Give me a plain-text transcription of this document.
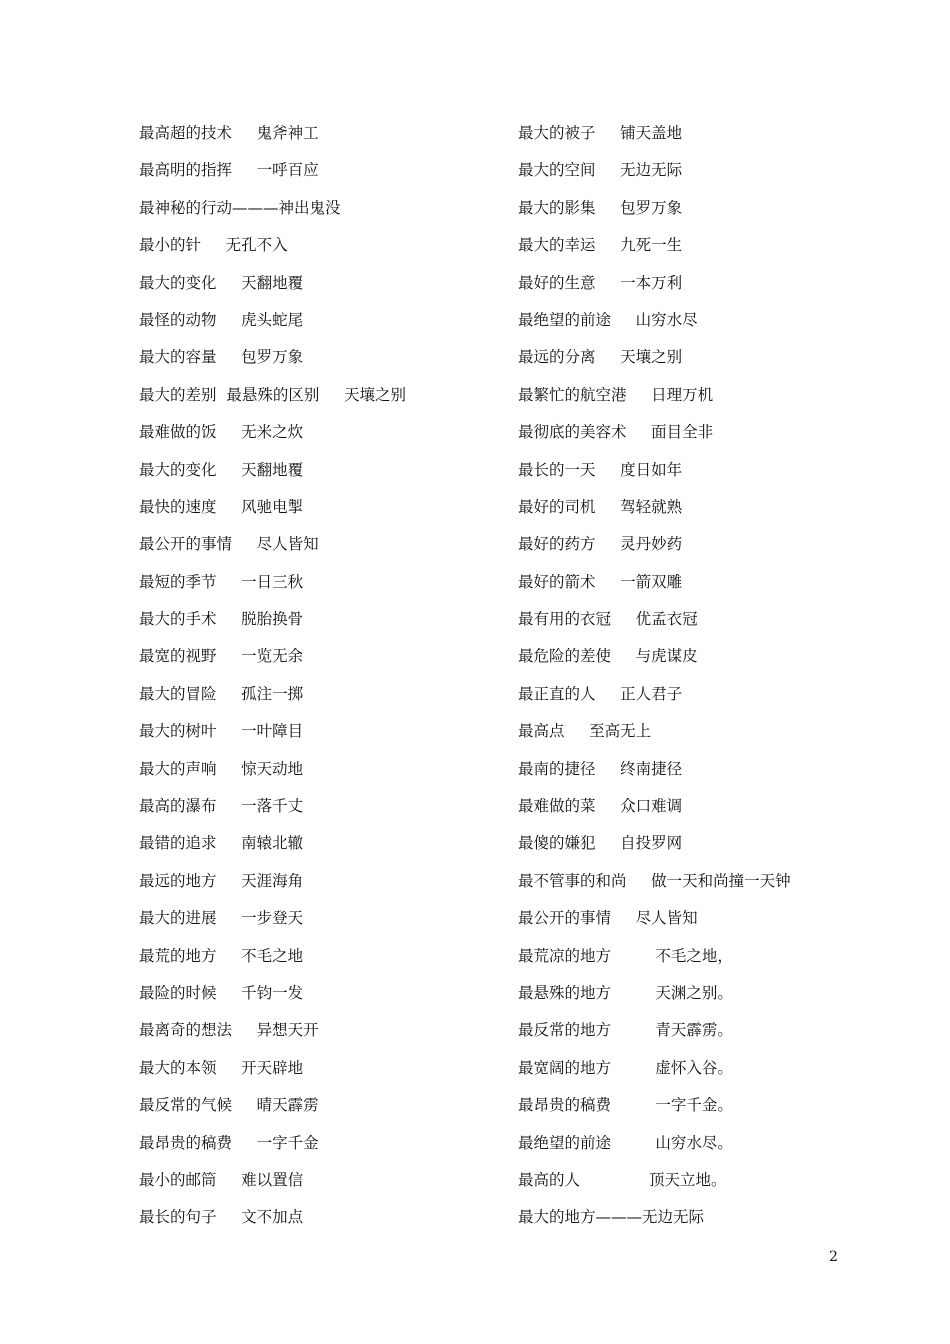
最高超的技术     鬼斧神工

最高明的指挥     一呼百应

最神秘的行动———神出鬼没

最小的针     无孔不入

最大的变化     天翻地覆

最怪的动物     虎头蛇尾

最大的容量     包罗万象

最大的差别  最悬殊的区别     天壤之别

最难做的饭     无米之炊

最大的变化     天翻地覆

最快的速度     风驰电掣

最公开的事情     尽人皆知

最短的季节     一日三秋

最大的手术     脱胎换骨

最宽的视野     一览无余

最大的冒险     孤注一掷

最大的树叶     一叶障目

最大的声响     惊天动地

最高的瀑布     一落千丈

最错的追求     南辕北辙

最远的地方     天涯海角

最大的进展     一步登天

最荒的地方     不毛之地

最险的时候     千钧一发

最离奇的想法     异想天开

最大的本领     开天辟地

最反常的气候     晴天霹雳

最昂贵的稿费     一字千金

最小的邮筒     难以置信

最长的句子     文不加点

最大的被子     铺天盖地

最大的空间     无边无际

最大的影集     包罗万象

最大的幸运     九死一生

最好的生意     一本万利

最绝望的前途     山穷水尽

最远的分离     天壤之别

最繁忙的航空港     日理万机

最彻底的美容术     面目全非

最长的一天     度日如年

最好的司机     驾轻就熟

最好的药方     灵丹妙药

最好的箭术     一箭双雕

最有用的衣冠     优孟衣冠

最危险的差使     与虎谋皮

最正直的人     正人君子

最高点     至高无上

最南的捷径     终南捷径

最难做的菜     众口难调

最傻的嫌犯     自投罗网

最不管事的和尚     做一天和尚撞一天钟

最公开的事情     尽人皆知

最荒凉的地方         不毛之地，

最悬殊的地方         天渊之别。

最反常的地方         青天霹雳。

最宽阔的地方         虚怀入谷。

最昂贵的稿费         一字千金。

最绝望的前途         山穷水尽。

最高的人              顶天立地。

最大的地方———无边无际

2
